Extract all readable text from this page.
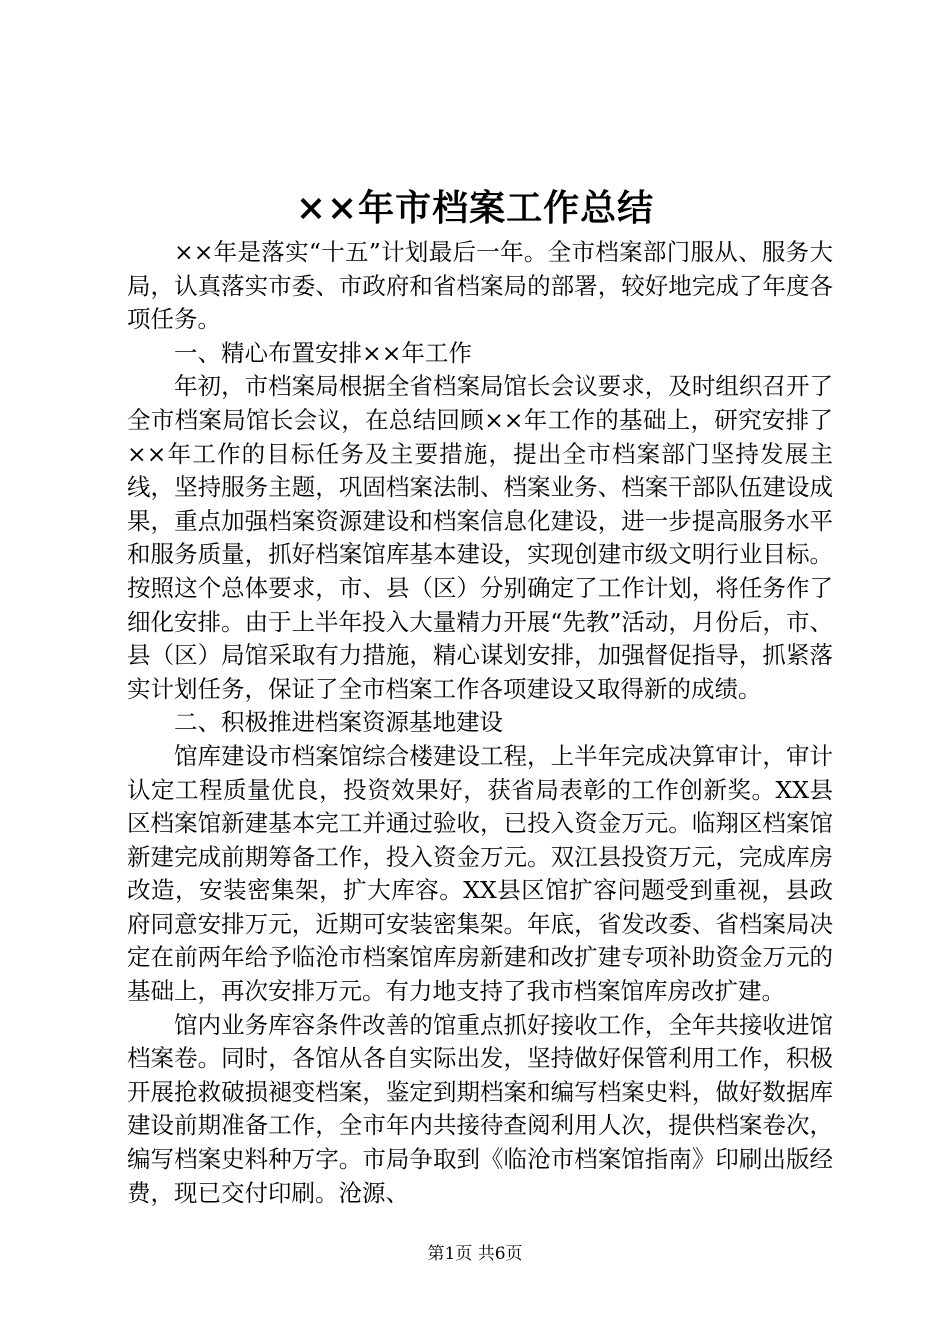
××年市档案工作总结

××年是落实“十五”计划最后一年。全市档案部门服从、服务大局，认真落实市委、市政府和省档案局的部署，较好地完成了年度各项任务。

一、精心布置安排××年工作

年初，市档案局根据全省档案局馆长会议要求，及时组织召开了全市档案局馆长会议，在总结回顾××年工作的基础上，研究安排了××年工作的目标任务及主要措施，提出全市档案部门坚持发展主线，坚持服务主题，巩固档案法制、档案业务、档案干部队伍建设成果，重点加强档案资源建设和档案信息化建设，进一步提高服务水平和服务质量，抓好档案馆库基本建设，实现创建市级文明行业目标。按照这个总体要求，市、县（区）分别确定了工作计划，将任务作了细化安排。由于上半年投入大量精力开展“先教”活动，月份后，市、县（区）局馆采取有力措施，精心谋划安排，加强督促指导，抓紧落实计划任务，保证了全市档案工作各项建设又取得新的成绩。

二、积极推进档案资源基地建设

馆库建设市档案馆综合楼建设工程，上半年完成决算审计，审计认定工程质量优良，投资效果好，获省局表彰的工作创新奖。XX县区档案馆新建基本完工并通过验收，已投入资金万元。临翔区档案馆新建完成前期筹备工作，投入资金万元。双江县投资万元，完成库房改造，安装密集架，扩大库容。XX县区馆扩容问题受到重视，县政府同意安排万元，近期可安装密集架。年底，省发改委、省档案局决定在前两年给予临沧市档案馆库房新建和改扩建专项补助资金万元的基础上，再次安排万元。有力地支持了我市档案馆库房改扩建。

馆内业务库容条件改善的馆重点抓好接收工作，全年共接收进馆档案卷。同时，各馆从各自实际出发，坚持做好保管利用工作，积极开展抢救破损褪变档案，鉴定到期档案和编写档案史料，做好数据库建设前期准备工作，全市年内共接待查阅利用人次，提供档案卷次，编写档案史料种万字。市局争取到《临沧市档案馆指南》印刷出版经费，现已交付印刷。沧源、

第1页 共6页
